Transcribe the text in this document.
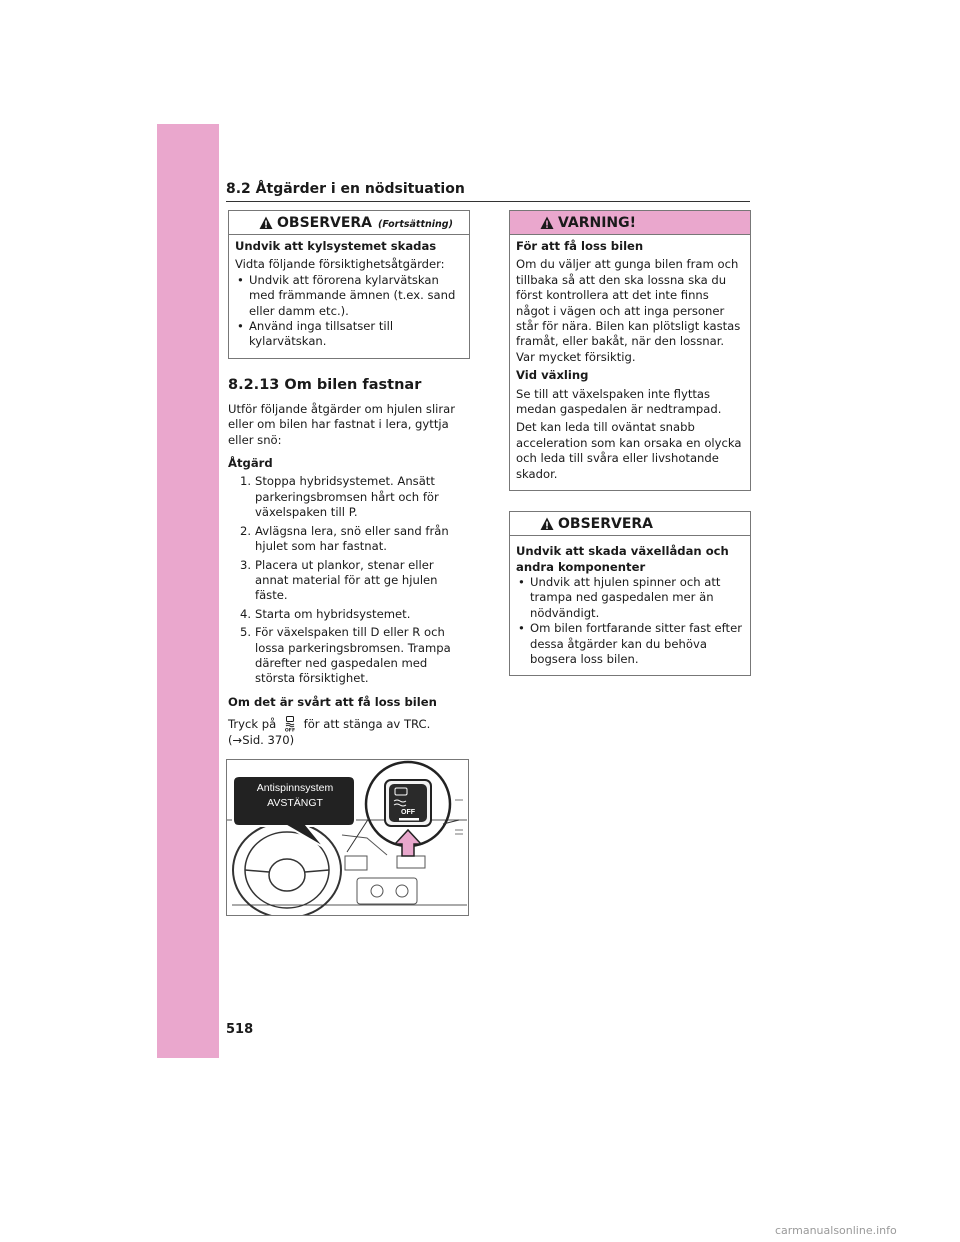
8.2 Åtgärder i en nödsituation
OBSERVERA (Fortsättning)
Undvik att kylsystemet skadas
Vidta följande försiktighetsåtgärder:
• Undvik att förorena kylarvätskan med främmande ämnen (t.ex. sand eller damm etc.).
• Använd inga tillsatser till kylarvätskan.
8.2.13 Om bilen fastnar
Utför följande åtgärder om hjulen slirar eller om bilen har fastnat i lera, gyttja eller snö:
Åtgärd
1. Stoppa hybridsystemet. Ansätt parkeringsbromsen hårt och för växelspaken till P.
2. Avlägsna lera, snö eller sand från hjulet som har fastnat.
3. Placera ut plankor, stenar eller annat material för att ge hjulen fäste.
4. Starta om hybridsystemet.
5. För växelspaken till D eller R och lossa parkeringsbromsen. Trampa därefter ned gaspedalen med största försiktighet.
Om det är svårt att få loss bilen
Tryck på OFF för att stänga av TRC.
(→Sid. 370)
Antispinnsystem
AVSTÄNGT
OFF
VARNING!
För att få loss bilen
Om du väljer att gunga bilen fram och tillbaka så att den ska lossna ska du först kontrollera att det inte finns något i vägen och att inga personer står för nära. Bilen kan plötsligt kastas framåt, eller bakåt, när den lossnar. Var mycket försiktig.
Vid växling
Se till att växelspaken inte flyttas medan gaspedalen är nedtrampad.
Det kan leda till oväntat snabb acceleration som kan orsaka en olycka och leda till svåra eller livshotande skador.
OBSERVERA
Undvik att skada växellådan och andra komponenter
• Undvik att hjulen spinner och att trampa ned gaspedalen mer än nödvändigt.
• Om bilen fortfarande sitter fast efter dessa åtgärder kan du behöva bogsera loss bilen.
518
carmanualsonline.info
